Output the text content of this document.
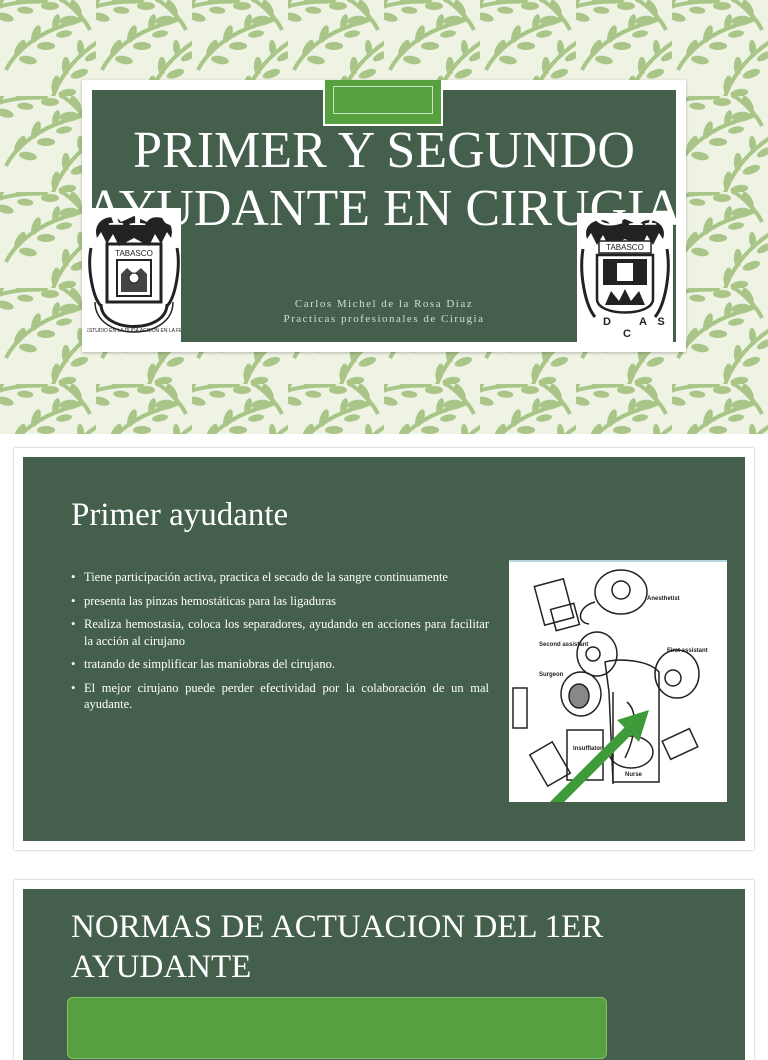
PRIMER Y SEGUNDO AYUDANTE EN CIRUGIA
Carlos Michel de la Rosa Díaz
Practicas profesionales de Cirugia
TABASCO
ESTUDIO EN LA DUDA ACCION EN LA FE
TABASCO
D	A
C
S
Primer ayudante
• Tiene participación activa, practica el secado de la sangre continuamente
• presenta las pinzas hemostáticas para las ligaduras
• Realiza hemostasia, coloca los separadores, ayudando en acciones para facilitar la acción al cirujano
• tratando de simplificar las maniobras del cirujano.
• El mejor cirujano puede perder efectividad por la colaboración de un mal ayudante.
Anesthetist
Second assistant
First assistant
Surgeon
Insufflator
Nurse
NORMAS DE ACTUACION DEL 1ER AYUDANTE
